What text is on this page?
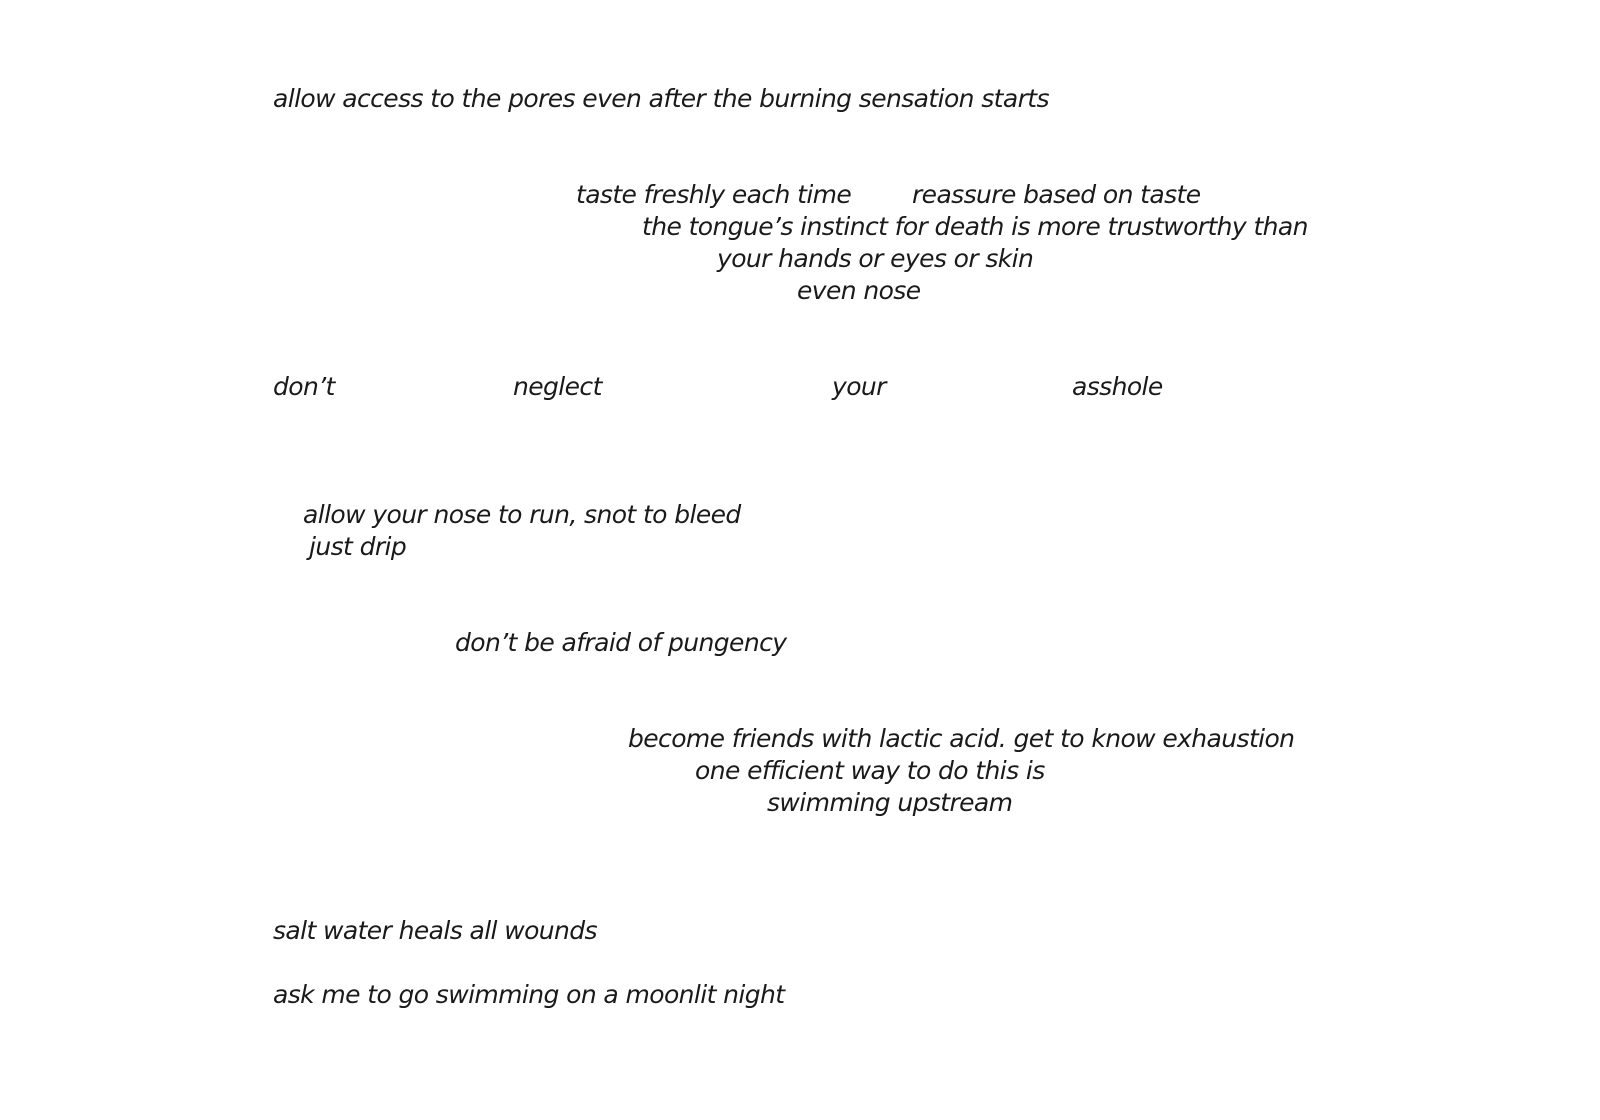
allow access to the pores even after the burning sensation starts

taste freshly each time reassure based on taste

the tongue’s instinct for death is more trustworthy than

your hands or eyes or skin

even nose

don’t	neglect	your	asshole

allow your nose to run, snot to bleed

just drip

don’t be afraid of pungency

become friends with lactic acid. get to know exhaustion

one efficient way to do this is

swimming upstream

salt water heals all wounds

ask me to go swimming on a moonlit night
